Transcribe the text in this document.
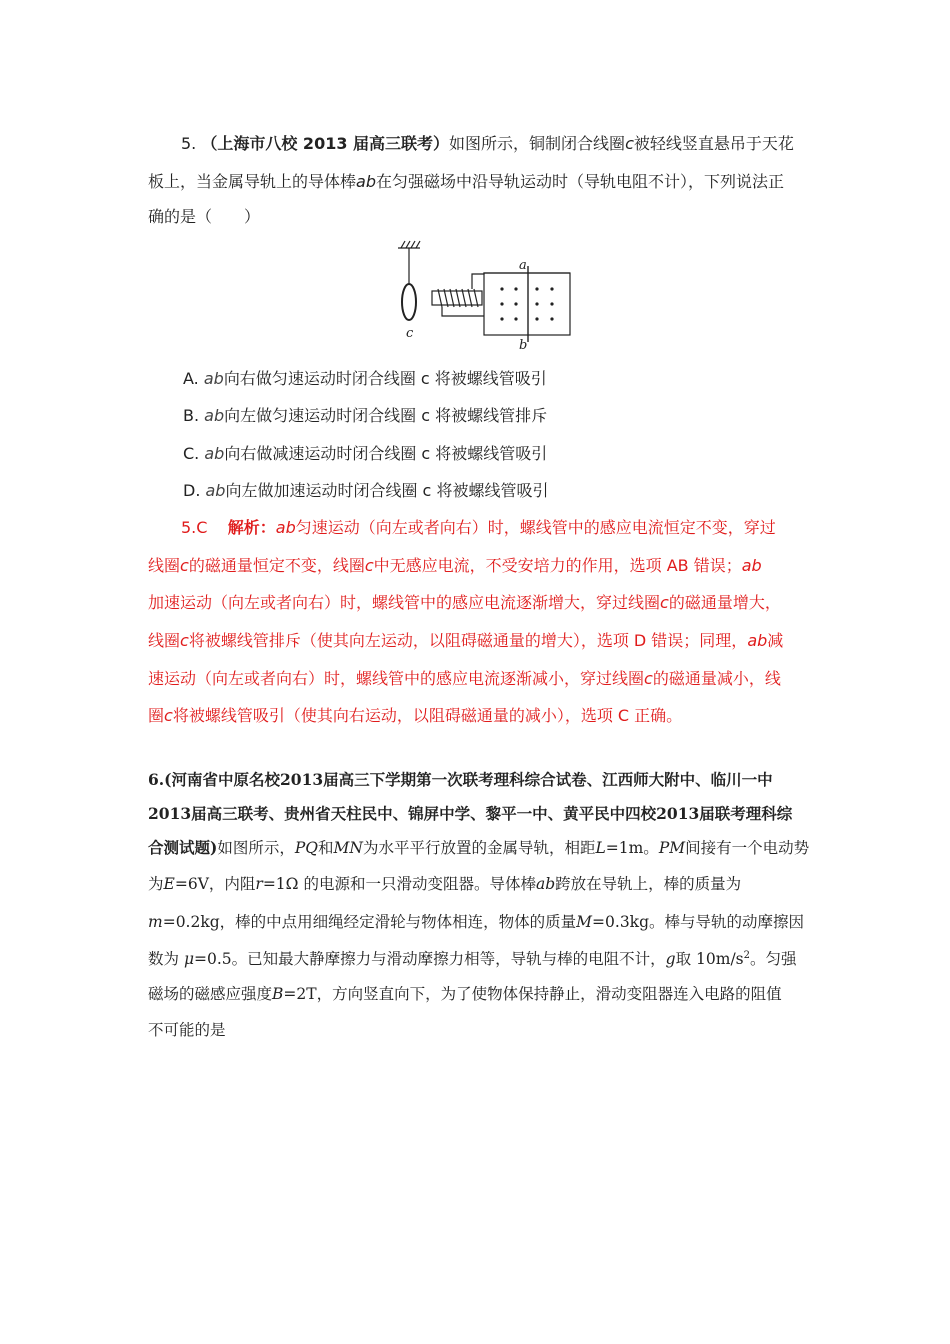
5. （上海市八校 2013 届高三联考）如图所示，铜制闭合线圈c被轻线竖直悬吊于天花
板上，当金属导轨上的导体棒ab在匀强磁场中沿导轨运动时（导轨电阻不计），下列说法正
确的是（　　）
c
a
b
A. ab向右做匀速运动时闭合线圈 c 将被螺线管吸引
B. ab向左做匀速运动时闭合线圈 c 将被螺线管排斥
C. ab向右做减速运动时闭合线圈 c 将被螺线管吸引
D. ab向左做加速运动时闭合线圈 c 将被螺线管吸引
5.C 解析：ab匀速运动（向左或者向右）时，螺线管中的感应电流恒定不变，穿过
线圈c的磁通量恒定不变，线圈c中无感应电流，不受安培力的作用，选项 AB 错误；ab
加速运动（向左或者向右）时，螺线管中的感应电流逐渐增大，穿过线圈c的磁通量增大，
线圈c将被螺线管排斥（使其向左运动，以阻碍磁通量的增大），选项 D 错误；同理，ab减
速运动（向左或者向右）时，螺线管中的感应电流逐渐减小，穿过线圈c的磁通量减小，线
圈c将被螺线管吸引（使其向右运动，以阻碍磁通量的减小），选项 C 正确。
6.(河南省中原名校2013届高三下学期第一次联考理科综合试卷、江西师大附中、临川一中
2013届高三联考、贵州省天柱民中、锦屏中学、黎平一中、黄平民中四校2013届联考理科综
合测试题)如图所示，PQ和MN为水平平行放置的金属导轨，相距L=1m。PM间接有一个电动势
为E=6V，内阻r=1Ω 的电源和一只滑动变阻器。导体棒ab跨放在导轨上，棒的质量为
m=0.2kg，棒的中点用细绳经定滑轮与物体相连，物体的质量M=0.3kg。棒与导轨的动摩擦因
数为 μ=0.5。已知最大静摩擦力与滑动摩擦力相等，导轨与棒的电阻不计，g取 $10m/s^2$。匀强
磁场的磁感应强度B=2T，方向竖直向下，为了使物体保持静止，滑动变阻器连入电路的阻值
不可能的是
